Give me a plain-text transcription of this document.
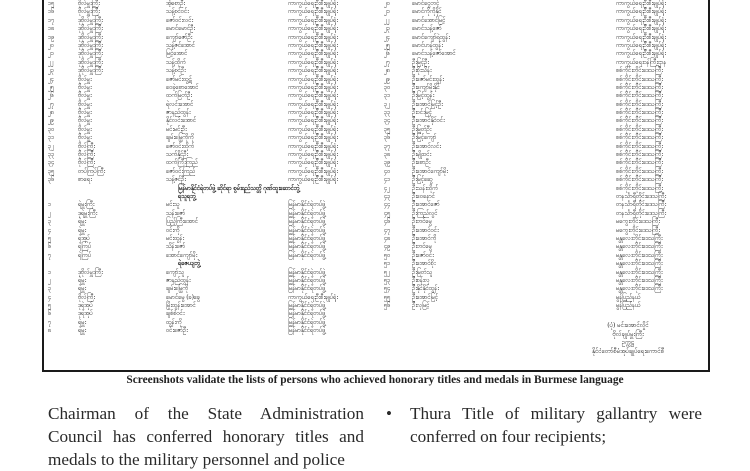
၁၅	ဗိုလ်မှူးကြီး	အံ့စောဦး	ကာကွယ်ရေးဦးစီးချုပ်ရုံး
၁၆	ဗိုလ်မှူးကြီး	သန့်စင်ဝင်း	ကာကွယ်ရေးဦးစီးချုပ်ရုံး
၁၇	ဒုဗိုလ်မှူးကြီး	ဇော်ဝင်းလင်း	ကာကွယ်ရေးဦးစီးချုပ်ရုံး
၁၈	ဒုဗိုလ်မှူးကြီး	မောင်မောင်ဦး	ကာကွယ်ရေးဦးစီးချုပ်ရုံး
၁၉	ဒုဗိုလ်မှူးကြီး	ကျော်ဇော်ဦး	ကာကွယ်ရေးဦးစီးချုပ်ရုံး
၂၀	ဒုဗိုလ်မှူးကြီး	သန့်ဇင်အောင်	ကာကွယ်ရေးဦးစီးချုပ်ရုံး
၂၁	ဒုဗိုလ်မှူးကြီး	မြင့်အောင်	ကာကွယ်ရေးဦးစီးချုပ်ရုံး
၂၂	ဒုဗိုလ်မှူးကြီး	သန့်ထိုက်	ကာကွယ်ရေးဦးစီးချုပ်ရုံး
၂၃	ဒုဗိုလ်မှူးကြီး	သန့်စင်ဦး	ကာကွယ်ရေးဦးစီးချုပ်ရုံး
၂၄	ဗိုလ်မှူး	ဇော်မင်းထွဋ်	ကာကွယ်ရေးဦးစီးချုပ်ရုံး
၂၅	ဗိုလ်မှူး	ဝေခဲ့စောအောင်	ကာကွယ်ရေးဦးစီးချုပ်ရုံး
၂၆	ဗိုလ်မှူး	ထက်မြတ်ဦး	ကာကွယ်ရေးဦးစီးချုပ်ရုံး
၂၇	ဗိုလ်မှူး	ရဲလင်းအောင်	ကာကွယ်ရေးဦးစီးချုပ်ရုံး
၂၈	ဗိုလ်မှူး	ဇာနည်ထွန်း	ကာကွယ်ရေးဦးစီးချုပ်ရုံး
၂၉	ဗိုလ်မှူး	နိုင်လင်းအောင်	ကာကွယ်ရေးဦးစီးချုပ်ရုံး
၃၀	ဗိုလ်မှူး	မင်းမင်းဦး	ကာကွယ်ရေးဦးစီးချုပ်ရုံး
၃၁	ဗိုလ်မှူး	ချမ်းမြေ့ကိုကို	ကာကွယ်ရေးဦးစီးချုပ်ရုံး
၃၂	ဗိုလ်ကြီး	ဇော်ဝင်းထိုက်	ကာကွယ်ရေးဦးစီးချုပ်ရုံး
၃၃	ဗိုလ်ကြီး	သက်နိုင်ဦး	ကာကွယ်ရေးဦးစီးချုပ်ရုံး
၃၄	ဗိုလ်ကြီး	ထက်ကြီးကြည်	ကာကွယ်ရေးဦးစီးချုပ်ရုံး
၃၅	တပ်ကြပ်ကြီး	ဇော်ဝင်းကြည်	ကာကွယ်ရေးဦးစီးချုပ်ရုံး
၃၆	စာရေး	သန့်ဇင်ဦး	ကာကွယ်ရေးဦးစီးချုပ်ရုံး
မြန်မာနိုင်ငံရဲတပ်ဖွဲ့ ဆိုင်ရာ စွမ်းရည်သတ္တိ ဂုဏ်ထူးဆောင်ဘွဲ့
ရဲသူရဘွဲ့
၁	ရဲမှူးကြီး	မင်းသူ	မြန်မာနိုင်ငံရဲတပ်ဖွဲ့
၂	ဒုရဲမှူးကြီး	သန်းဇော်	မြန်မာနိုင်ငံရဲတပ်ဖွဲ့
၃	ရဲမှူး	ပြည့်ကြီးအောင်	မြန်မာနိုင်ငံရဲတပ်ဖွဲ့
၄	ရဲမှူး	ဝင်းကို	မြန်မာနိုင်ငံရဲတပ်ဖွဲ့
၅	ရဲအုပ်	မင်းထွန်း	မြန်မာနိုင်ငံရဲတပ်ဖွဲ့
၆	ရဲကြပ်	သိန်းဇော်	မြန်မာနိုင်ငံရဲတပ်ဖွဲ့
၇	ရဲကြပ်	အောင်ကျော်မိုး	မြန်မာနိုင်ငံရဲတပ်ဖွဲ့
ရဲဇေယျဘွဲ့
၁	ဒုဗိုလ်မှူးကြီး	ကျော်သူ	မြန်မာနိုင်ငံရဲတပ်ဖွဲ့
၂	ရဲမှူး	ဇာနည်ထွန်း	မြန်မာနိုင်ငံရဲတပ်ဖွဲ့
၃	ရဲမှူး	ချမ်းမြေ့ကို	မြန်မာနိုင်ငံရဲတပ်ဖွဲ့
၄	ဗိုလ်ကြီး	မောင်မွေ (ခ)ခွေ	ကာကွယ်ရေးဦးစီးချုပ်ရုံး
၅	ဒုရဲအုပ်	မြိုးထွန်းအောင်	မြန်မာနိုင်ငံရဲတပ်ဖွဲ့
၆	ဒုရဲအုပ်	ချစ်စံဝင်း	မြန်မာနိုင်ငံရဲတပ်ဖွဲ့
၇	ရဲမှူး	ထွန်းကို	မြန်မာနိုင်ငံရဲတပ်ဖွဲ့
၈	ရဲမှူး	ဝင်းဇော်ဦး	မြန်မာနိုင်ငံရဲတပ်ဖွဲ့
၂၀	မောင်ငွေတင့်	ကာကွယ်ရေးဦးစီးချုပ်ရုံး
၂၁	မောင်ကိုကိုနိုင်	ကာကွယ်ရေးဦးစီးချုပ်ရုံး
၂၂	မောင်အောင်မြင့်	ကာကွယ်ရေးဦးစီးချုပ်ရုံး
၂၃	မောင်သန့်ဇော်	ကာကွယ်ရေးဦးစီးချုပ်ရုံး
၂၄	မောင်ကျော်ရဲထွန်း	ကာကွယ်ရေးဦးစီးချုပ်ရုံး
၂၅	မောင်ဟန်ထွန်း	ကာကွယ်ရေးဦးစီးချုပ်ရုံး
၂၆	မောင်သန့်ဇော်အောင်	ကာကွယ်ရေးဦးစီးချုပ်ရုံး
၂၇	ဦးမြင့်ဦး	ကာကွယ်ရေးဝန်ကြီးဌာန
၂၈	ဦးစိုးသိန်း	စစ်ကိုင်းတိုင်းဒေသကြီး
၂၉	ဦးဇော်မင်းထွန်း	စစ်ကိုင်းတိုင်းဒေသကြီး
၃၀	ဦးကျော်မိုးနိုင်	စစ်ကိုင်းတိုင်းဒေသကြီး
၃၁	ဦးမြင့်ထွန်း	စစ်ကိုင်းတိုင်းဒေသကြီး
၃၂	ဦးအောင်မြင့်ဦး	စစ်ကိုင်းတိုင်းဒေသကြီး
၃၃	ဦးဝင်းမြင့်	စစ်ကိုင်းတိုင်းဒေသကြီး
၃၄	ဦးအောင်နိုင်ဝင်း	စစ်ကိုင်းတိုင်းဒေသကြီး
၃၅	ဦးမြတ်ဦး	စစ်ကိုင်းတိုင်းဒေသကြီး
၃၆	ဦးမြင့်ကျော်	စစ်ကိုင်းတိုင်းဒေသကြီး
၃၇	ဦးအောင်လင်း	စစ်ကိုင်းတိုင်းဒေသကြီး
၃၈	ဦးမျိုးဝင်း	စစ်ကိုင်းတိုင်းဒေသကြီး
၃၉	ဦးစောဦး	စစ်ကိုင်းတိုင်းဒေသကြီး
၄၀	ဦးအောင်ကျော်မိုး	စစ်ကိုင်းတိုင်းဒေသကြီး
၄၁	ဦးမြင့်ဆွေ	စစ်ကိုင်းတိုင်းဒေသကြီး
၄၂	ဦးသန်းထိုက်	စစ်ကိုင်းတိုင်းဒေသကြီး
၄၃	ဦးဝေနောင်	တနင်္သာရီတိုင်းဒေသကြီး
၄၄	ဦးအောင်ဇော်	တနင်္သာရီတိုင်းဒေသကြီး
၄၅	ဦးကြည်လွင်	တနင်္သာရီတိုင်းဒေသကြီး
၄၆	ဦးတင်မွေ	မကွေးတိုင်းဒေသကြီး
၄၇	ဦးအောင်ဝင်း	မကွေးတိုင်းဒေသကြီး
၄၈	ဦးအောင်ကို	မန္တလေးတိုင်းဒေသကြီး
၄၉	ဦးတင်မွေ	မန္တလေးတိုင်းဒေသကြီး
၅၀	ဦးဇော်ဝင်း	မန္တလေးတိုင်းဒေသကြီး
၅၁	ဦးအောင်စိုး	မန္တလေးတိုင်းဒေသကြီး
၅၂	ဦးမြတ်သူ	မန္တလေးတိုင်းဒေသကြီး
၅၃	ဦးစန်းလှ	မန္တလေးတိုင်းဒေသကြီး
၅၄	ဦးနိုင်နိုင်ထွန်း	မန္တလေးတိုင်းဒေသကြီး
၅၅	ဦးအောင်မြင့်	မွန်ပြည်နယ်
၅၆	ဦးလှမြင့်	မွန်ပြည်နယ်
(ပုံ) မင်းအောင်လှိုင်
ဗိုလ်ချုပ်မှူးကြီး
ဥက္ကဋ္ဌ
နိုင်ငံတော်စီမံအုပ်ချုပ်ရေးကောင်စီ
Screenshots validate the lists of persons who achieved honorary titles and medals in Burmese language
Chairman of the State Administration Council has conferred honorary titles and medals to the military personnel and police
•	Thura Title of military gallantry were conferred on four recipients;
